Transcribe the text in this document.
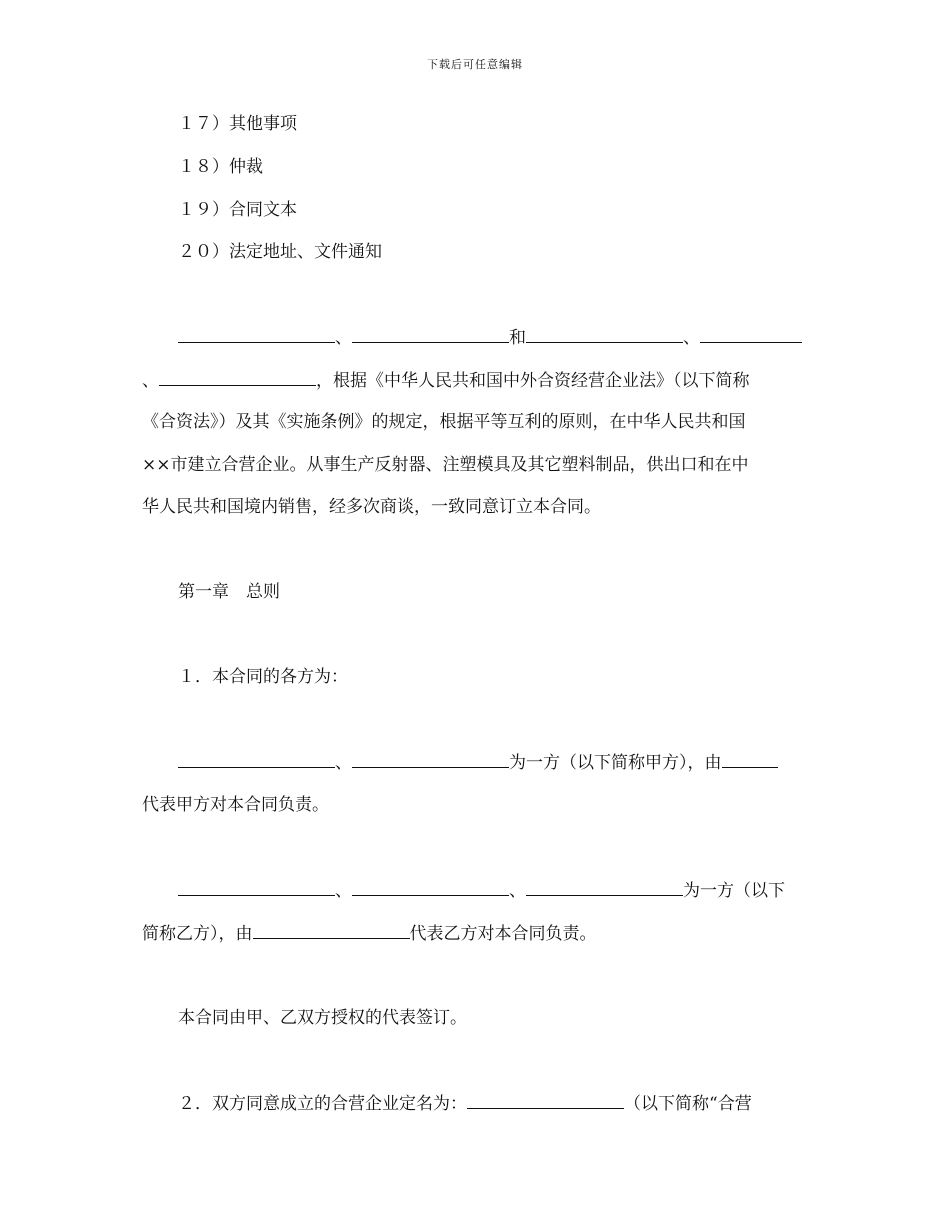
下载后可任意编辑
１７）其他事项
１８）仲裁
１９）合同文本
２０）法定地址、文件通知
、	和	、
、	，根据《中华人民共和国中外合资经营企业法》（以下简称
《合资法》）及其《实施条例》的规定，根据平等互利的原则，在中华人民共和国
××市建立合营企业。从事生产反射器、注塑模具及其它塑料制品，供出口和在中
华人民共和国境内销售，经多次商谈，一致同意订立本合同。
第一章　总则
１．本合同的各方为：
、	为一方（以下简称甲方），由
代表甲方对本合同负责。
、	、	为一方（以下
简称乙方），由	代表乙方对本合同负责。
本合同由甲、乙双方授权的代表签订。
２．双方同意成立的合营企业定名为：	（以下简称“合营
